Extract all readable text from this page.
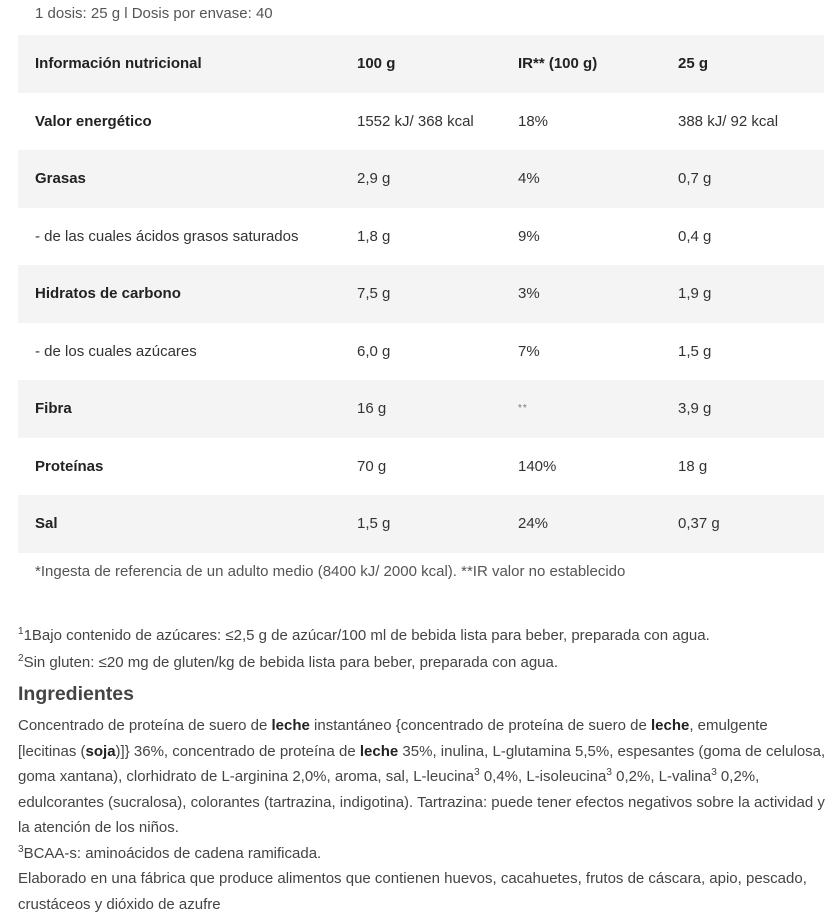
1 dosis: 25 g l Dosis por envase: 40
Información nutricional	100 g	IR** (100 g)	25 g
Valor energético	1552 kJ/ 368 kcal	18%	388 kJ/ 92 kcal
Grasas	2,9 g	4%	0,7 g
- de las cuales ácidos grasos saturados	1,8 g	9%	0,4 g
Hidratos de carbono	7,5 g	3%	1,9 g
- de los cuales azúcares	6,0 g	7%	1,5 g
Fibra	16 g	**	3,9 g
Proteínas	70 g	140%	18 g
Sal	1,5 g	24%	0,37 g
*Ingesta de referencia de un adulto medio (8400 kJ/ 2000 kcal). **IR valor no establecido
$^1$1Bajo contenido de azúcares: ≤2,5 g de azúcar/100 ml de bebida lista para beber, preparada con agua.
$^2$Sin gluten: ≤20 mg de gluten/kg de bebida lista para beber, preparada con agua.
Ingredientes
Concentrado de proteína de suero de leche instantáneo {concentrado de proteína de suero de leche, emulgente [lecitinas (soja)]} 36%, concentrado de proteína de leche 35%, inulina, L-glutamina 5,5%, espesantes (goma de celulosa, goma xantana), clorhidrato de L-arginina 2,0%, aroma, sal, L-leucina$^3$ 0,4%, L-isoleucina$^3$ 0,2%, L-valina$^3$ 0,2%, edulcorantes (sucralosa), colorantes (tartrazina, indigotina). Tartrazina: puede tener efectos negativos sobre la actividad y la atención de los niños.
$^3$BCAA-s: aminoácidos de cadena ramificada.
Elaborado en una fábrica que produce alimentos que contienen huevos, cacahuetes, frutos de cáscara, apio, pescado, crustáceos y dióxido de azufre
